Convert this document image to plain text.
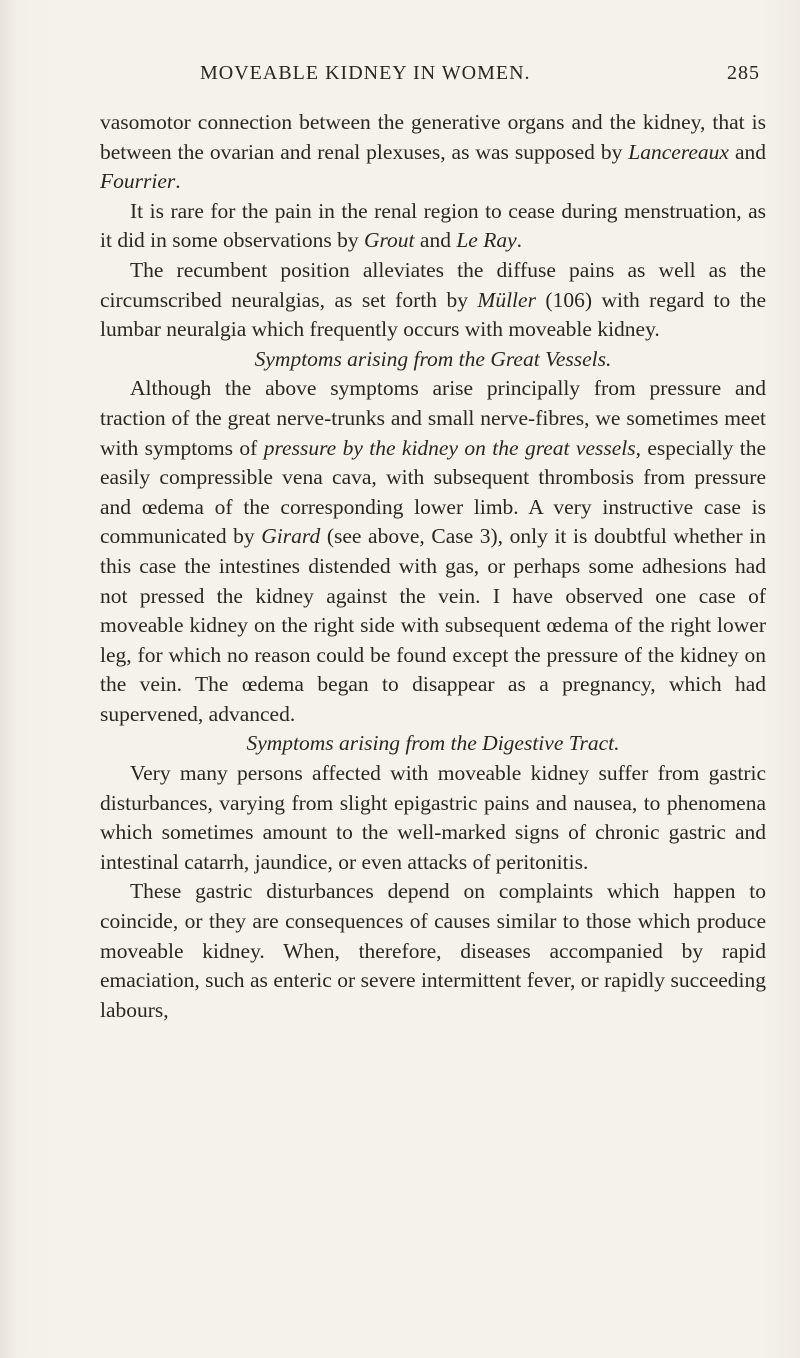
MOVEABLE KIDNEY IN WOMEN.	285

vasomotor connection between the generative organs and the kidney, that is between the ovarian and renal plexuses, as was supposed by Lancereaux and Fourrier.

It is rare for the pain in the renal region to cease during menstruation, as it did in some observations by Grout and Le Ray.

The recumbent position alleviates the diffuse pains as well as the circumscribed neuralgias, as set forth by Müller (106) with regard to the lumbar neuralgia which frequently occurs with moveable kidney.

Symptoms arising from the Great Vessels.

Although the above symptoms arise principally from pressure and traction of the great nerve-trunks and small nerve-fibres, we sometimes meet with symptoms of pressure by the kidney on the great vessels, especially the easily compressible vena cava, with subsequent thrombosis from pressure and œdema of the corresponding lower limb. A very instructive case is communicated by Girard (see above, Case 3), only it is doubtful whether in this case the intestines distended with gas, or perhaps some adhesions had not pressed the kidney against the vein. I have observed one case of moveable kidney on the right side with subsequent œdema of the right lower leg, for which no reason could be found except the pressure of the kidney on the vein. The œdema began to disappear as a pregnancy, which had supervened, advanced.

Symptoms arising from the Digestive Tract.

Very many persons affected with moveable kidney suffer from gastric disturbances, varying from slight epigastric pains and nausea, to phenomena which sometimes amount to the well-marked signs of chronic gastric and intestinal catarrh, jaundice, or even attacks of peritonitis.

These gastric disturbances depend on complaints which happen to coincide, or they are consequences of causes similar to those which produce moveable kidney. When, therefore, diseases accompanied by rapid emaciation, such as enteric or severe intermittent fever, or rapidly succeeding labours,
